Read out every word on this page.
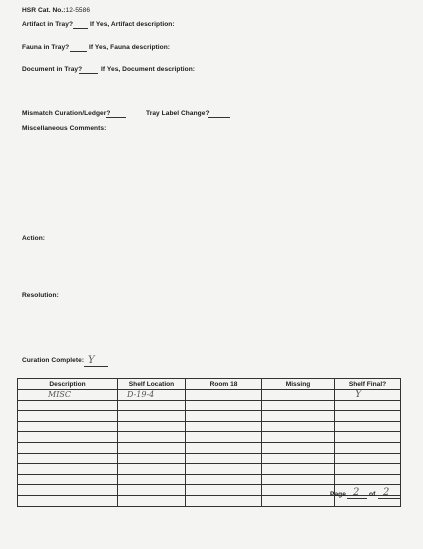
HSR Cat. No.:12-5586
Artifact in Tray?	If Yes, Artifact description:
Fauna in Tray?	If Yes, Fauna description:
Document in Tray?	If Yes, Document description:
Mismatch Curation/Ledger?	Tray Label Change?
Miscellaneous Comments:
Action:
Resolution:
Curation Complete: Y
Description	Shelf Location	Room 18	Missing	Shelf Final?
MISC	D-19-4			Y

Page 2 of 2
